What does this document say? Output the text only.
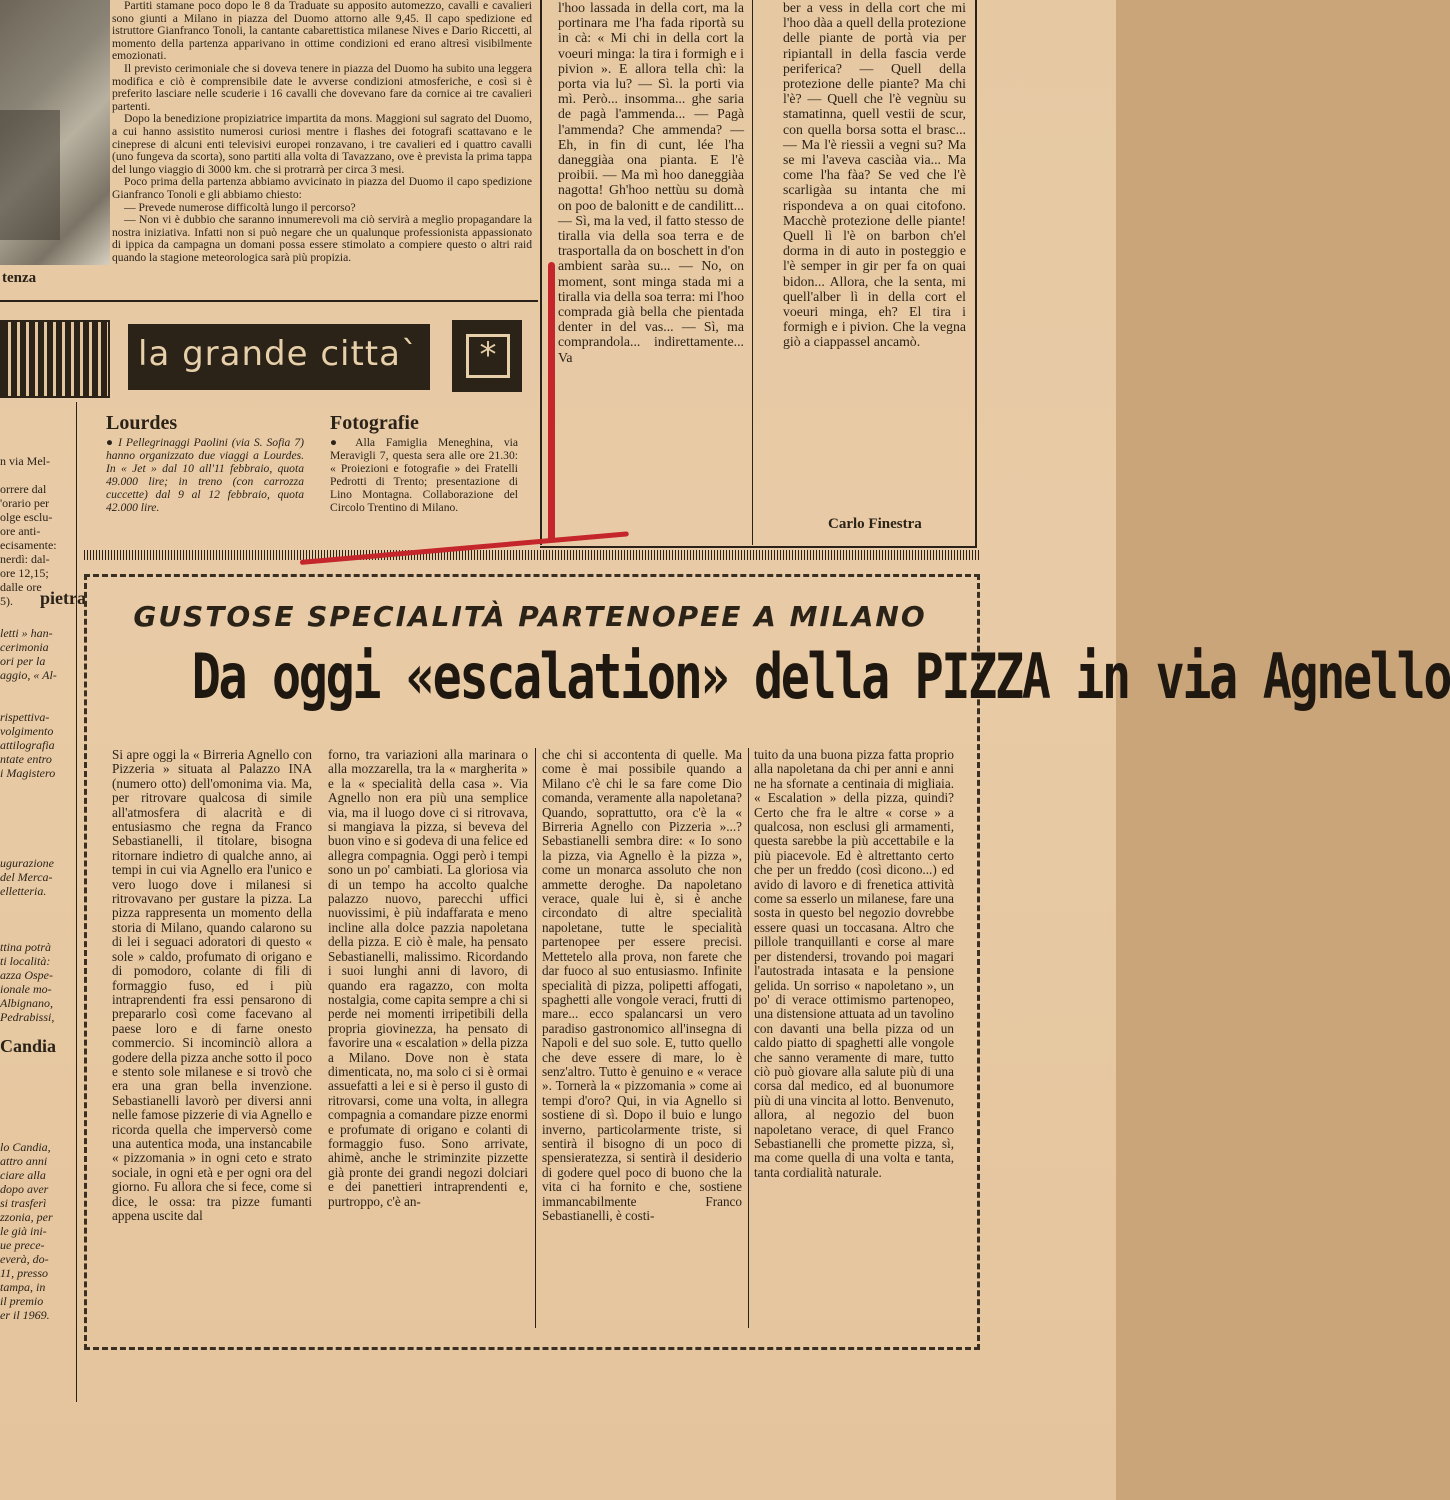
tenza

Partiti stamane poco dopo le 8 da Traduate su apposito automezzo, cavalli e cavalieri sono giunti a Milano in piazza del Duomo attorno alle 9,45. Il capo spedizione ed istruttore Gianfranco Tonoli, la cantante cabarettistica milanese Nives e Dario Riccetti, al momento della partenza apparivano in ottime condizioni ed erano altresì visibilmente emozionati.

Il previsto cerimoniale che si doveva tenere in piazza del Duomo ha subito una leggera modifica e ciò è comprensibile date le avverse condizioni atmosferiche, e così si è preferito lasciare nelle scuderie i 16 cavalli che dovevano fare da cornice ai tre cavalieri partenti.

Dopo la benedizione propiziatrice impartita da mons. Maggioni sul sagrato del Duomo, a cui hanno assistito numerosi curiosi mentre i flashes dei fotografi scattavano e le cineprese di alcuni enti televisivi europei ronzavano, i tre cavalieri ed i quattro cavalli (uno fungeva da scorta), sono partiti alla volta di Tavazzano, ove è prevista la prima tappa del lungo viaggio di 3000 km. che si protrarrà per circa 3 mesi.

Poco prima della partenza abbiamo avvicinato in piazza del Duomo il capo spedizione Gianfranco Tonoli e gli abbiamo chiesto:

— Prevede numerose difficoltà lungo il percorso?

— Non vi è dubbio che saranno innumerevoli ma ciò servirà a meglio propagandare la nostra iniziativa. Infatti non si può negare che un qualunque professionista appassionato di ippica da campagna un domani possa essere stimolato a compiere questo o altri raid quando la stagione meteorologica sarà più propizia.

l'hoo lassada in della cort, ma la portinara me l'ha fada riportà su in cà: « Mi chi in della cort la voeuri minga: la tira i formigh e i pivion ». E allora tella chì: la porta via lu? — Sì. la porti via mì. Però... insomma... ghe saria de pagà l'ammenda... — Pagà l'ammenda? Che ammenda? — Eh, in fin di cunt, lée l'ha daneggiàa ona pianta. E l'è proibii. — Ma mì hoo daneggiàa nagotta! Gh'hoo nettùu su domà on poo de balonitt e de candilitt... — Sì, ma la ved, il fatto stesso de tiralla via della soa terra e de trasportalla da on boschett in d'on ambient saràa su... — No, on moment, sont minga stada mi a tiralla via della soa terra: mi l'hoo comprada già bella che pientada denter in del vas... — Sì, ma comprandola... indirettamente... Va
ber a vess in della cort che mi l'hoo dàa a quell della protezione delle piante de portà via per ripiantall in della fascia verde periferica? — Quell della protezione delle piante? Ma chi l'è? — Quell che l'è vegnùu su stamatinna, quell vestii de scur, con quella borsa sotta el brasc... — Ma l'è riessìi a vegni su? Ma se mi l'aveva casciàa via... Ma come l'ha fàa? Se ved che l'è scarligàa su intanta che mi rispondeva a on quai citofono. Macchè protezione delle piante! Quell lì l'è on barbon ch'el dorma in di auto in posteggio e l'è semper in gir per fa on quai bidon... Allora, che la senta, mi quell'alber lì in della cort el voeuri minga, eh? El tira i formigh e i pivion. Che la vegna giò a ciappassel ancamò.
Carlo Finestra
la grande citta`	*
Lourdes
● I Pellegrinaggi Paolini (via S. Sofia 7) hanno organizzato due viaggi a Lourdes. In « Jet » dal 10 all'11 febbraio, quota 49.000 lire; in treno (con carrozza cuccette) dal 9 al 12 febbraio, quota 42.000 lire.
Fotografie
● Alla Famiglia Meneghina, via Meravigli 7, questa sera alle ore 21.30: « Proiezioni e fotografie » dei Fratelli Pedrotti di Trento; presentazione di Lino Montagna. Collaborazione del Circolo Trentino di Milano.

n via Mel-

orrere dal
'orario per
olge esclu-
ore anti-
ecisamente:
nerdì: dal-
ore 12,15;
dalle ore
5).	pietra

letti » han-
cerimonia
ori per la
aggio, « Al-

rispettiva-
volgimento
attilografia
ntate entro
i Magistero

ugurazione
del Merca-
elletteria.

ttina potrà
ti località:
azza Ospe-
ionale mo-
Albignano,
Pedrabissi,

Candia

lo Candia,
attro anni
ciare alla
dopo aver
si trasferì
zzonia, per
le già ini-
ue prece-
everà, do-
11, presso
tampa, in
il premio
er il 1969.

GUSTOSE SPECIALITÀ PARTENOPEE A MILANO
Da oggi «escalation» della PIZZA in via Agnello
Si apre oggi la « Birreria Agnello con Pizzeria » situata al Palazzo INA (numero otto) dell'omonima via. Ma, per ritrovare qualcosa di simile all'atmosfera di alacrità e di entusiasmo che regna da Franco Sebastianelli, il titolare, bisogna ritornare indietro di qualche anno, ai tempi in cui via Agnello era l'unico e vero luogo dove i milanesi si ritrovavano per gustare la pizza. La pizza rappresenta un momento della storia di Milano, quando calarono su di lei i seguaci adoratori di questo « sole » caldo, profumato di origano e di pomodoro, colante di fili di formaggio fuso, ed i più intraprendenti fra essi pensarono di prepararlo così come facevano al paese loro e di farne onesto commercio. Si incominciò allora a godere della pizza anche sotto il poco e stento sole milanese e si trovò che era una gran bella invenzione. Sebastianelli lavorò per diversi anni nelle famose pizzerie di via Agnello e ricorda quella che imperversò come una autentica moda, una instancabile « pizzomania » in ogni ceto e strato sociale, in ogni età e per ogni ora del giorno. Fu allora che si fece, come si dice, le ossa: tra pizze fumanti appena uscite dal
forno, tra variazioni alla marinara o alla mozzarella, tra la « margherita » e la « specialità della casa ». Via Agnello non era più una semplice via, ma il luogo dove ci si ritrovava, si mangiava la pizza, si beveva del buon vino e si godeva di una felice ed allegra compagnia. Oggi però i tempi sono un po' cambiati. La gloriosa via di un tempo ha accolto qualche palazzo nuovo, parecchi uffici nuovissimi, è più indaffarata e meno incline alla dolce pazzia napoletana della pizza. E ciò è male, ha pensato Sebastianelli, malissimo. Ricordando i suoi lunghi anni di lavoro, di quando era ragazzo, con molta nostalgia, come capita sempre a chi si perde nei momenti irripetibili della propria giovinezza, ha pensato di favorire una « escalation » della pizza a Milano. Dove non è stata dimenticata, no, ma solo ci si è ormai assuefatti a lei e si è perso il gusto di ritrovarsi, come una volta, in allegra compagnia a comandare pizze enormi e profumate di origano e colanti di formaggio fuso. Sono arrivate, ahimè, anche le striminzite pizzette già pronte dei grandi negozi dolciari e dei panettieri intraprendenti e, purtroppo, c'è an-
che chi si accontenta di quelle. Ma come è mai possibile quando a Milano c'è chi le sa fare come Dio comanda, veramente alla napoletana? Quando, soprattutto, ora c'è la « Birreria Agnello con Pizzeria »...? Sebastianelli sembra dire: « Io sono la pizza, via Agnello è la pizza », come un monarca assoluto che non ammette deroghe. Da napoletano verace, quale lui è, si è anche circondato di altre specialità napoletane, tutte le specialità partenopee per essere precisi. Mettetelo alla prova, non farete che dar fuoco al suo entusiasmo. Infinite specialità di pizza, polipetti affogati, spaghetti alle vongole veraci, frutti di mare... ecco spalancarsi un vero paradiso gastronomico all'insegna di Napoli e del suo sole. E, tutto quello che deve essere di mare, lo è senz'altro. Tutto è genuino e « verace ». Tornerà la « pizzomania » come ai tempi d'oro? Qui, in via Agnello si sostiene di sì. Dopo il buio e lungo inverno, particolarmente triste, si sentirà il bisogno di un poco di spensieratezza, si sentirà il desiderio di godere quel poco di buono che la vita ci ha fornito e che, sostiene immancabilmente Franco Sebastianelli, è costi-
tuito da una buona pizza fatta proprio alla napoletana da chi per anni e anni ne ha sfornate a centinaia di migliaia. « Escalation » della pizza, quindi? Certo che fra le altre « corse » a qualcosa, non esclusi gli armamenti, questa sarebbe la più accettabile e la più piacevole. Ed è altrettanto certo che per un freddo (così dicono...) ed avido di lavoro e di frenetica attività come sa esserlo un milanese, fare una sosta in questo bel negozio dovrebbe essere quasi un toccasana. Altro che pillole tranquillanti e corse al mare per distendersi, trovando poi magari l'autostrada intasata e la pensione gelida. Un sorriso « napoletano », un po' di verace ottimismo partenopeo, una distensione attuata ad un tavolino con davanti una bella pizza od un caldo piatto di spaghetti alle vongole che sanno veramente di mare, tutto ciò può giovare alla salute più di una corsa dal medico, ed al buonumore più di una vincita al lotto. Benvenuto, allora, al negozio del buon napoletano verace, di quel Franco Sebastianelli che promette pizza, sì, ma come quella di una volta e tanta, tanta cordialità naturale.
